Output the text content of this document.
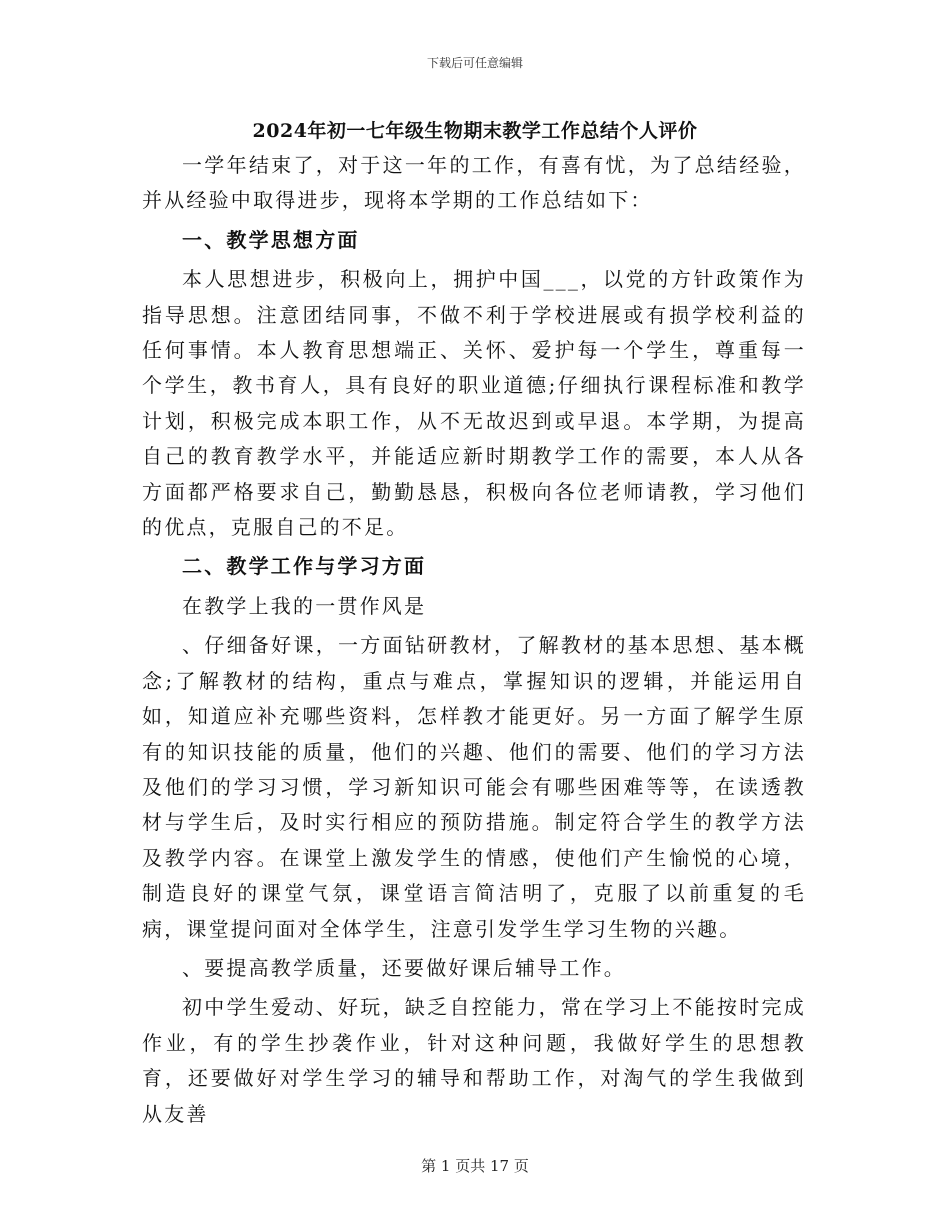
下载后可任意编辑
2024年初一七年级生物期末教学工作总结个人评价

一学年结束了，对于这一年的工作，有喜有忧，为了总结经验，并从经验中取得进步，现将本学期的工作总结如下：

一、教学思想方面

本人思想进步，积极向上，拥护中国___，以党的方针政策作为指导思想。注意团结同事，不做不利于学校进展或有损学校利益的任何事情。本人教育思想端正、关怀、爱护每一个学生，尊重每一个学生，教书育人，具有良好的职业道德;仔细执行课程标准和教学计划，积极完成本职工作，从不无故迟到或早退。本学期，为提高自己的教育教学水平，并能适应新时期教学工作的需要，本人从各方面都严格要求自己，勤勤恳恳，积极向各位老师请教，学习他们的优点，克服自己的不足。

二、教学工作与学习方面

在教学上我的一贯作风是

、仔细备好课，一方面钻研教材，了解教材的基本思想、基本概念;了解教材的结构，重点与难点，掌握知识的逻辑，并能运用自如，知道应补充哪些资料，怎样教才能更好。另一方面了解学生原有的知识技能的质量，他们的兴趣、他们的需要、他们的学习方法及他们的学习习惯，学习新知识可能会有哪些困难等等，在读透教材与学生后，及时实行相应的预防措施。制定符合学生的教学方法及教学内容。在课堂上激发学生的情感，使他们产生愉悦的心境，制造良好的课堂气氛，课堂语言简洁明了，克服了以前重复的毛病，课堂提问面对全体学生，注意引发学生学习生物的兴趣。

、要提高教学质量，还要做好课后辅导工作。

初中学生爱动、好玩，缺乏自控能力，常在学习上不能按时完成作业，有的学生抄袭作业，针对这种问题，我做好学生的思想教育，还要做好对学生学习的辅导和帮助工作，对淘气的学生我做到从友善

第 1 页共 17 页
